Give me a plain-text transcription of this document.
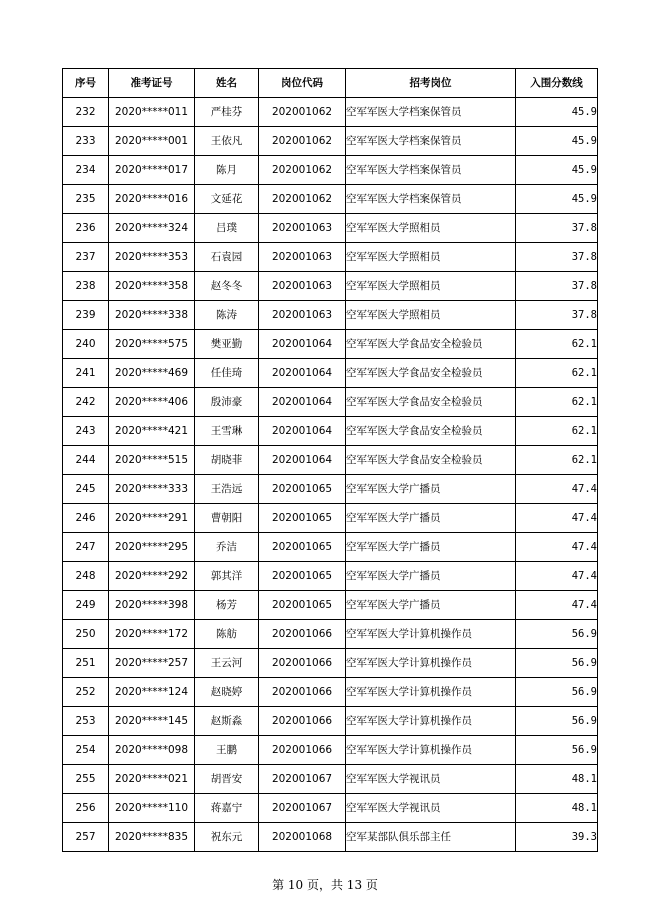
序号	准考证号	姓名	岗位代码	招考岗位	入围分数线
232	2020*****011	严桂芬	202001062	空军军医大学档案保管员	45.9
233	2020*****001	王依凡	202001062	空军军医大学档案保管员	45.9
234	2020*****017	陈月	202001062	空军军医大学档案保管员	45.9
235	2020*****016	文延花	202001062	空军军医大学档案保管员	45.9
236	2020*****324	吕璞	202001063	空军军医大学照相员	37.8
237	2020*****353	石袁园	202001063	空军军医大学照相员	37.8
238	2020*****358	赵冬冬	202001063	空军军医大学照相员	37.8
239	2020*****338	陈涛	202001063	空军军医大学照相员	37.8
240	2020*****575	樊亚勤	202001064	空军军医大学食品安全检验员	62.1
241	2020*****469	任佳琦	202001064	空军军医大学食品安全检验员	62.1
242	2020*****406	殷沛豪	202001064	空军军医大学食品安全检验员	62.1
243	2020*****421	王雪琳	202001064	空军军医大学食品安全检验员	62.1
244	2020*****515	胡晓菲	202001064	空军军医大学食品安全检验员	62.1
245	2020*****333	王浩远	202001065	空军军医大学广播员	47.4
246	2020*****291	曹朝阳	202001065	空军军医大学广播员	47.4
247	2020*****295	乔洁	202001065	空军军医大学广播员	47.4
248	2020*****292	郭其洋	202001065	空军军医大学广播员	47.4
249	2020*****398	杨芳	202001065	空军军医大学广播员	47.4
250	2020*****172	陈舫	202001066	空军军医大学计算机操作员	56.9
251	2020*****257	王云河	202001066	空军军医大学计算机操作员	56.9
252	2020*****124	赵晓婷	202001066	空军军医大学计算机操作员	56.9
253	2020*****145	赵斯淼	202001066	空军军医大学计算机操作员	56.9
254	2020*****098	王鹏	202001066	空军军医大学计算机操作员	56.9
255	2020*****021	胡晋安	202001067	空军军医大学视讯员	48.1
256	2020*****110	蒋嘉宁	202001067	空军军医大学视讯员	48.1
257	2020*****835	祝东元	202001068	空军某部队俱乐部主任	39.3
第 10 页，共 13 页
